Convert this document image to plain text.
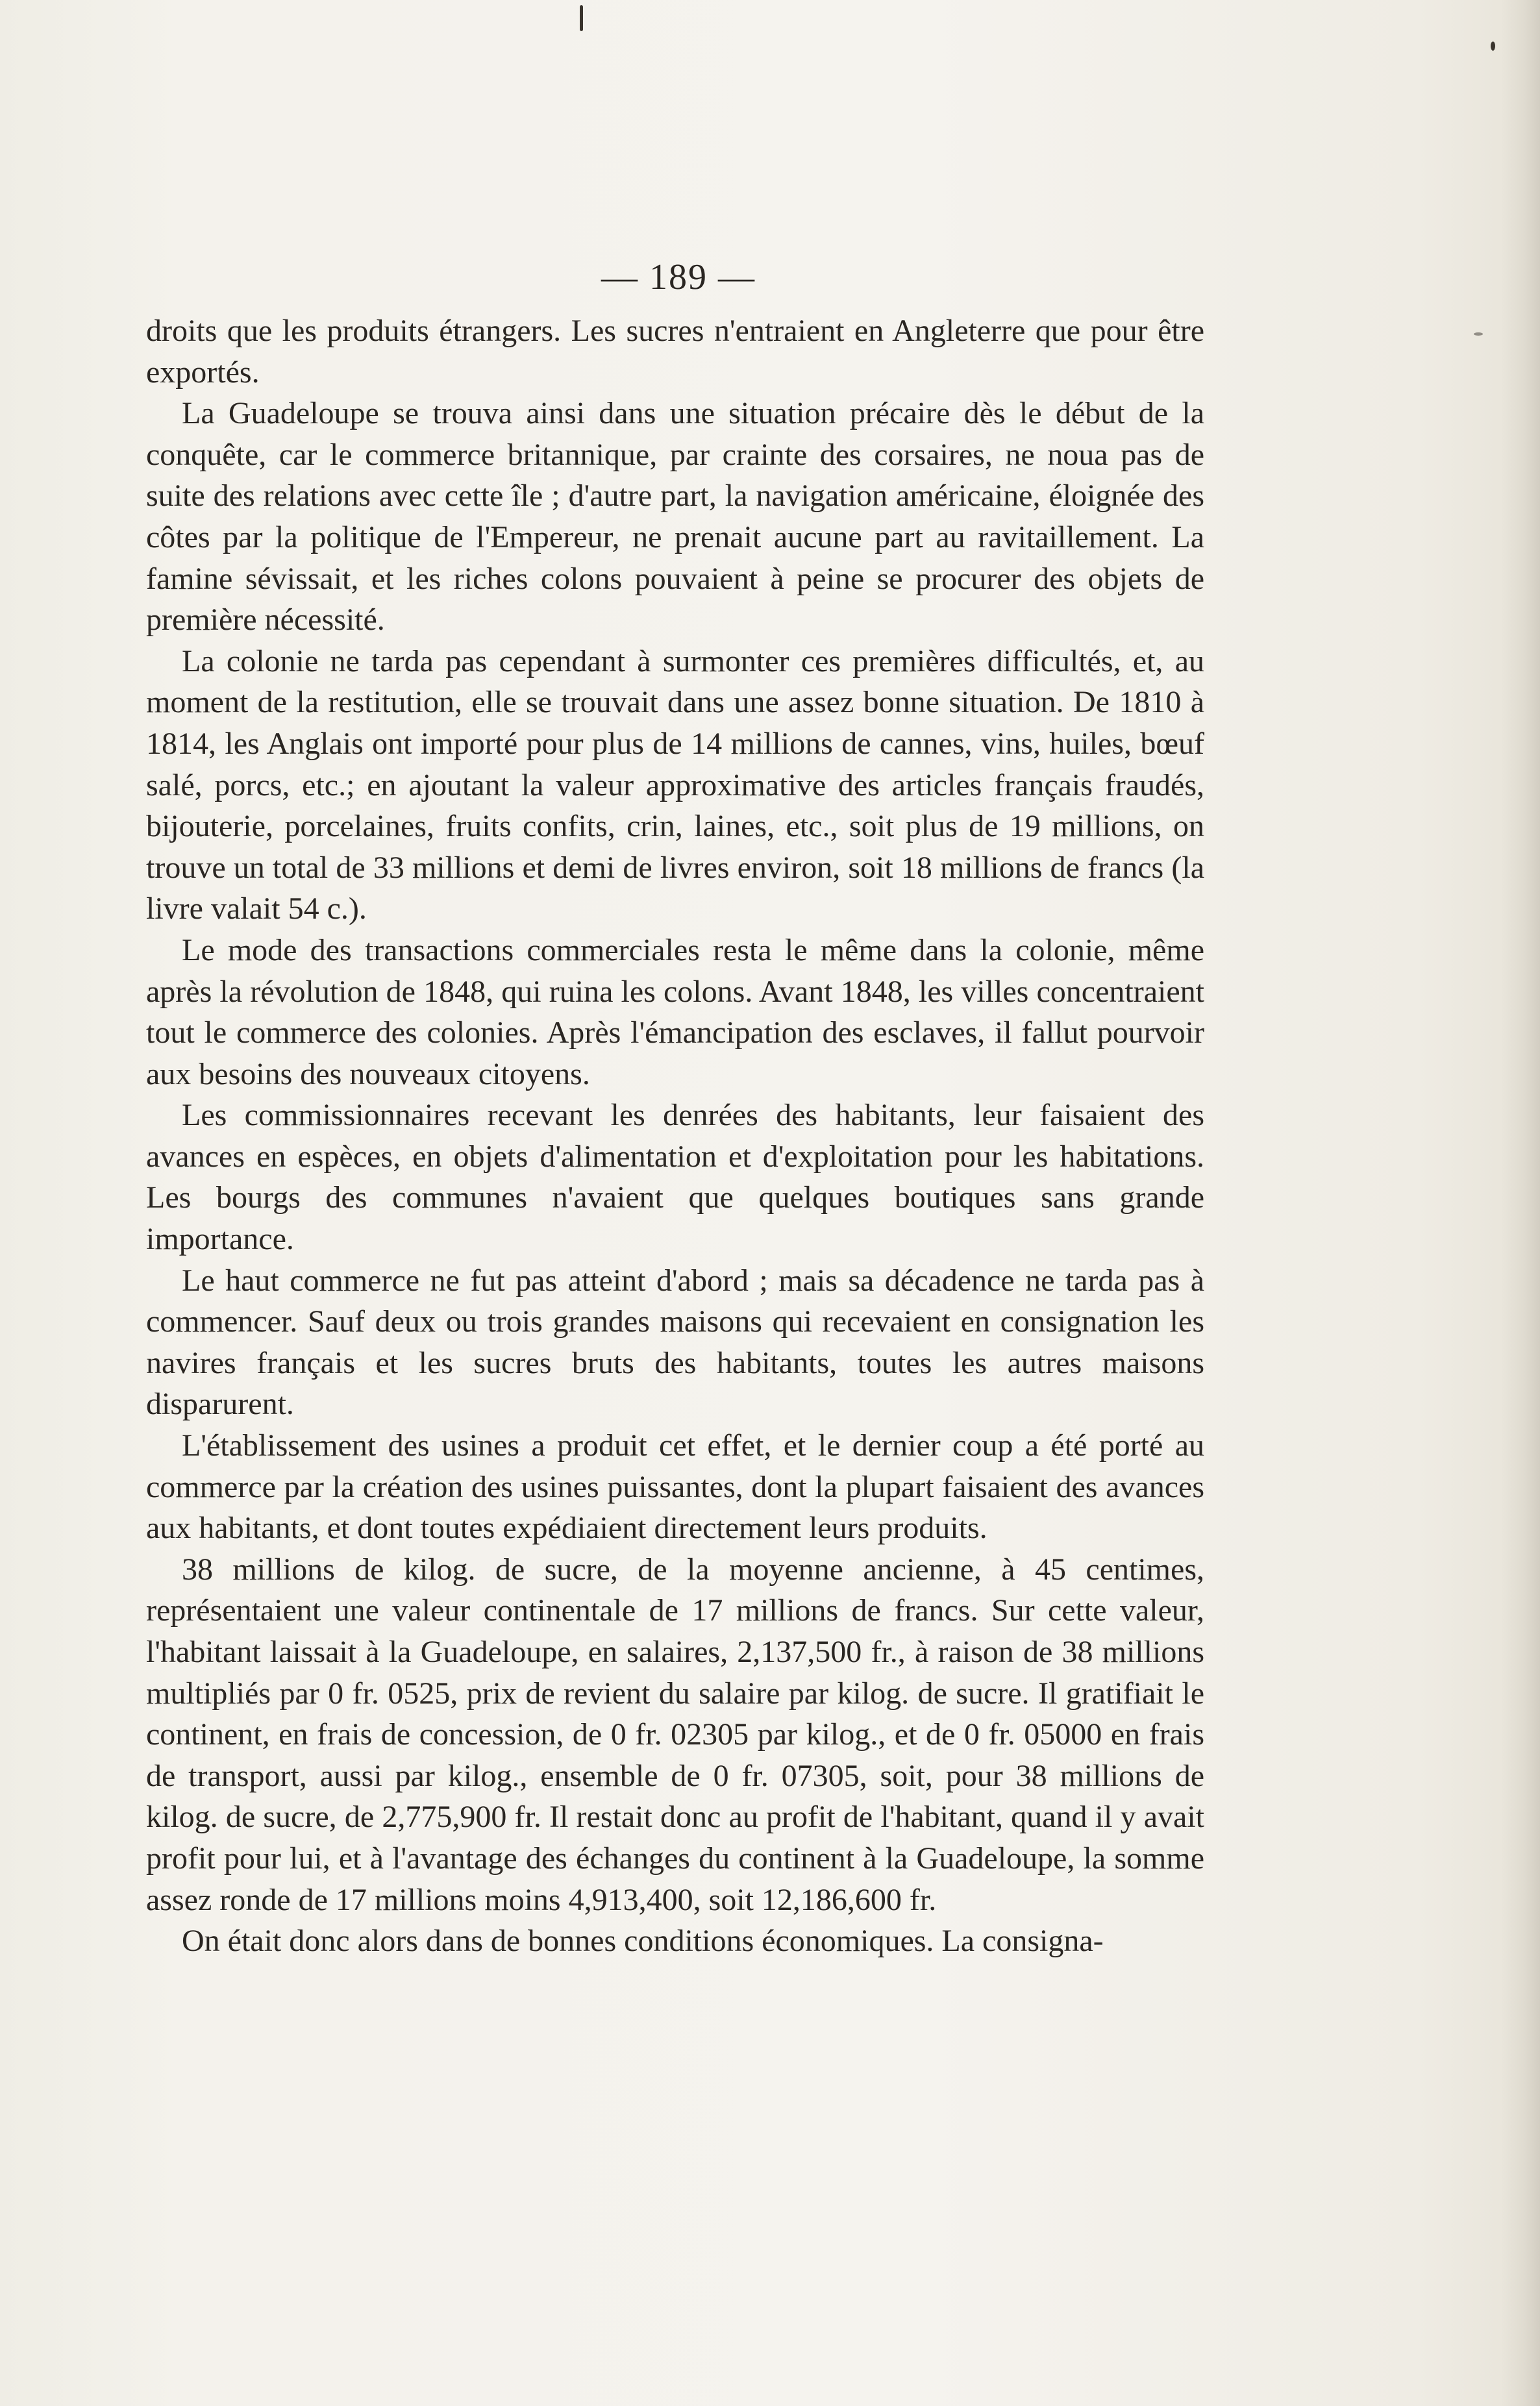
— 189 —

droits que les produits étrangers. Les sucres n'entraient en Angleterre que pour être exportés.

La Guadeloupe se trouva ainsi dans une situation précaire dès le début de la conquête, car le commerce britannique, par crainte des corsaires, ne noua pas de suite des relations avec cette île ; d'autre part, la navigation américaine, éloignée des côtes par la politique de l'Empereur, ne prenait aucune part au ravitaillement. La famine sévissait, et les riches colons pouvaient à peine se procurer des objets de première nécessité.

La colonie ne tarda pas cependant à surmonter ces premières difficultés, et, au moment de la restitution, elle se trouvait dans une assez bonne situation. De 1810 à 1814, les Anglais ont importé pour plus de 14 millions de cannes, vins, huiles, bœuf salé, porcs, etc.; en ajoutant la valeur approximative des articles français fraudés, bijouterie, porcelaines, fruits confits, crin, laines, etc., soit plus de 19 millions, on trouve un total de 33 millions et demi de livres environ, soit 18 millions de francs (la livre valait 54 c.).

Le mode des transactions commerciales resta le même dans la colonie, même après la révolution de 1848, qui ruina les colons. Avant 1848, les villes concentraient tout le commerce des colonies. Après l'émancipation des esclaves, il fallut pourvoir aux besoins des nouveaux citoyens.

Les commissionnaires recevant les denrées des habitants, leur faisaient des avances en espèces, en objets d'alimentation et d'exploitation pour les habitations. Les bourgs des communes n'avaient que quelques boutiques sans grande importance.

Le haut commerce ne fut pas atteint d'abord ; mais sa décadence ne tarda pas à commencer. Sauf deux ou trois grandes maisons qui recevaient en consignation les navires français et les sucres bruts des habitants, toutes les autres maisons disparurent.

L'établissement des usines a produit cet effet, et le dernier coup a été porté au commerce par la création des usines puissantes, dont la plupart faisaient des avances aux habitants, et dont toutes expédiaient directement leurs produits.

38 millions de kilog. de sucre, de la moyenne ancienne, à 45 centimes, représentaient une valeur continentale de 17 millions de francs. Sur cette valeur, l'habitant laissait à la Guadeloupe, en salaires, 2,137,500 fr., à raison de 38 millions multipliés par 0 fr. 0525, prix de revient du salaire par kilog. de sucre. Il gratifiait le continent, en frais de concession, de 0 fr. 02305 par kilog., et de 0 fr. 05000 en frais de transport, aussi par kilog., ensemble de 0 fr. 07305, soit, pour 38 millions de kilog. de sucre, de 2,775,900 fr. Il restait donc au profit de l'habitant, quand il y avait profit pour lui, et à l'avantage des échanges du continent à la Guadeloupe, la somme assez ronde de 17 millions moins 4,913,400, soit 12,186,600 fr.

On était donc alors dans de bonnes conditions économiques. La consigna-
